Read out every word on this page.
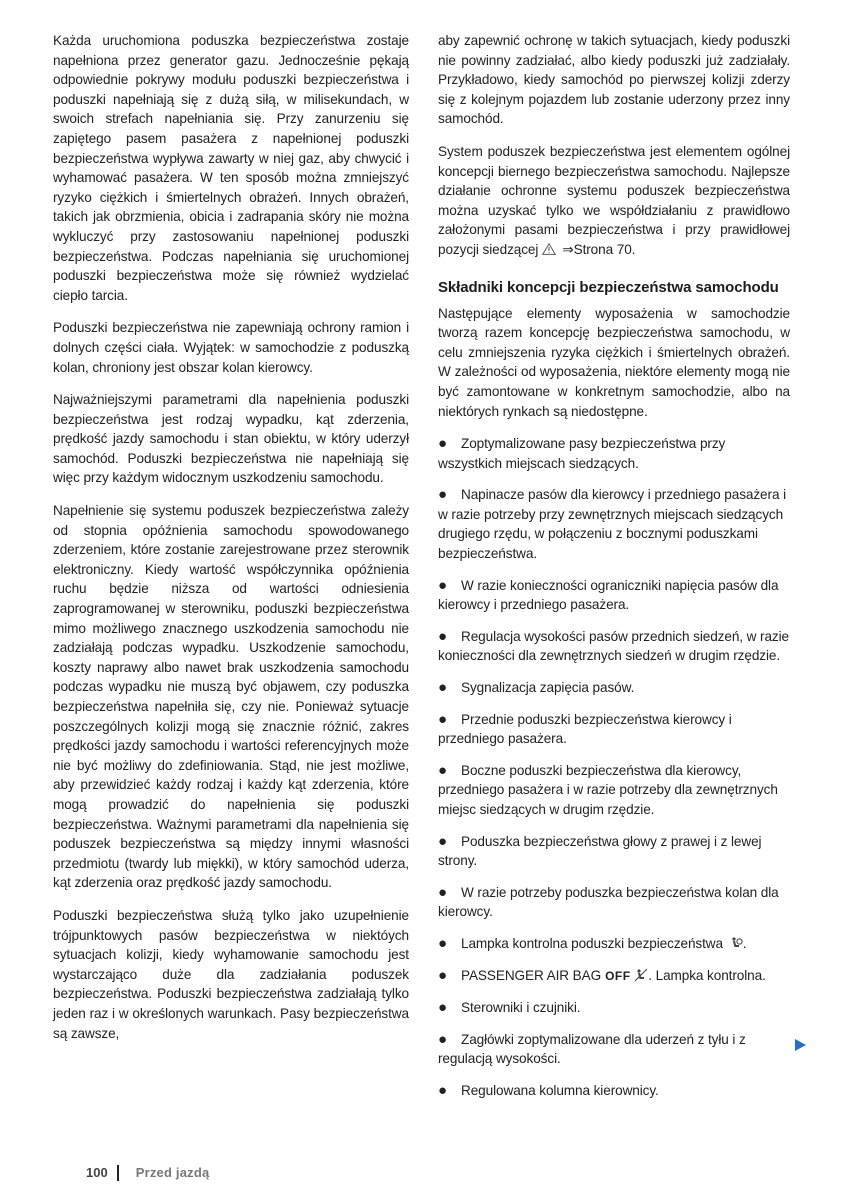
Każda uruchomiona poduszka bezpieczeństwa zostaje napełniona przez generator gazu. Jednocześnie pękają odpowiednie pokrywy modułu poduszki bezpieczeństwa i poduszki napełniają się z dużą siłą, w milisekundach, w swoich strefach napełniania się. Przy zanurzeniu się zapiętego pasem pasażera z napełnionej poduszki bezpieczeństwa wypływa zawarty w niej gaz, aby chwycić i wyhamować pasażera. W ten sposób można zmniejszyć ryzyko ciężkich i śmiertelnych obrażeń. Innych obrażeń, takich jak obrzmienia, obicia i zadrapania skóry nie można wykluczyć przy zastosowaniu napełnionej poduszki bezpieczeństwa. Podczas napełniania się uruchomionej poduszki bezpieczeństwa może się również wydzielać ciepło tarcia.

Poduszki bezpieczeństwa nie zapewniają ochrony ramion i dolnych części ciała. Wyjątek: w samochodzie z poduszką kolan, chroniony jest obszar kolan kierowcy.

Najważniejszymi parametrami dla napełnienia poduszki bezpieczeństwa jest rodzaj wypadku, kąt zderzenia, prędkość jazdy samochodu i stan obiektu, w który uderzył samochód. Poduszki bezpieczeństwa nie napełniają się więc przy każdym widocznym uszkodzeniu samochodu.

Napełnienie się systemu poduszek bezpieczeństwa zależy od stopnia opóźnienia samochodu spowodowanego zderzeniem, które zostanie zarejestrowane przez sterownik elektroniczny. Kiedy wartość współczynnika opóźnienia ruchu będzie niższa od wartości odniesienia zaprogramowanej w sterowniku, poduszki bezpieczeństwa mimo możliwego znacznego uszkodzenia samochodu nie zadziałają podczas wypadku. Uszkodzenie samochodu, koszty naprawy albo nawet brak uszkodzenia samochodu podczas wypadku nie muszą być objawem, czy poduszka bezpieczeństwa napełniła się, czy nie. Ponieważ sytuacje poszczególnych kolizji mogą się znacznie różnić, zakres prędkości jazdy samochodu i wartości referencyjnych może nie być możliwy do zdefiniowania. Stąd, nie jest możliwe, aby przewidzieć każdy rodzaj i każdy kąt zderzenia, które mogą prowadzić do napełnienia się poduszki bezpieczeństwa. Ważnymi parametrami dla napełnienia się poduszek bezpieczeństwa są między innymi własności przedmiotu (twardy lub miękki), w który samochód uderza, kąt zderzenia oraz prędkość jazdy samochodu.

Poduszki bezpieczeństwa służą tylko jako uzupełnienie trójpunktowych pasów bezpieczeństwa w niektóych sytuacjach kolizji, kiedy wyhamowanie samochodu jest wystarczająco duże dla zadziałania poduszek bezpieczeństwa. Poduszki bezpieczeństwa zadziałają tylko jeden raz i w określonych warunkach. Pasy bezpieczeństwa są zawsze,

aby zapewnić ochronę w takich sytuacjach, kiedy poduszki nie powinny zadziałać, albo kiedy poduszki już zadziałały. Przykładowo, kiedy samochód po pierwszej kolizji zderzy się z kolejnym pojazdem lub zostanie uderzony przez inny samochód.

System poduszek bezpieczeństwa jest elementem ogólnej koncepcji biernego bezpieczeństwa samochodu. Najlepsze działanie ochronne systemu poduszek bezpieczeństwa można uzyskać tylko we współdziałaniu z prawidłowo założonymi pasami bezpieczeństwa i przy prawidłowej pozycji siedzącej ⇒Strona 70.

Składniki koncepcji bezpieczeństwa samochodu

Następujące elementy wyposażenia w samochodzie tworzą razem koncepcję bezpieczeństwa samochodu, w celu zmniejszenia ryzyka ciężkich i śmiertelnych obrażeń. W zależności od wyposażenia, niektóre elementy mogą nie być zamontowane w konkretnym samochodzie, albo na niektórych rynkach są niedostępne.

● Zoptymalizowane pasy bezpieczeństwa przy wszystkich miejscach siedzących.
● Napinacze pasów dla kierowcy i przedniego pasażera i w razie potrzeby przy zewnętrznych miejscach siedzących drugiego rzędu, w połączeniu z bocznymi poduszkami bezpieczeństwa.
● W razie konieczności ograniczniki napięcia pasów dla kierowcy i przedniego pasażera.
● Regulacja wysokości pasów przednich siedzeń, w razie konieczności dla zewnętrznych siedzeń w drugim rzędzie.
● Sygnalizacja zapięcia pasów.
● Przednie poduszki bezpieczeństwa kierowcy i przedniego pasażera.
● Boczne poduszki bezpieczeństwa dla kierowcy, przedniego pasażera i w razie potrzeby dla zewnętrznych miejsc siedzących w drugim rzędzie.
● Poduszka bezpieczeństwa głowy z prawej i z lewej strony.
● W razie potrzeby poduszka bezpieczeństwa kolan dla kierowcy.
● Lampka kontrolna poduszki bezpieczeństwa .
● PASSENGER AIR BAG OFF . Lampka kontrolna.
● Sterowniki i czujniki.
● Zagłówki zoptymalizowane dla uderzeń z tyłu i z regulacją wysokości.
● Regulowana kolumna kierownicy.
100 Przed jazdą
